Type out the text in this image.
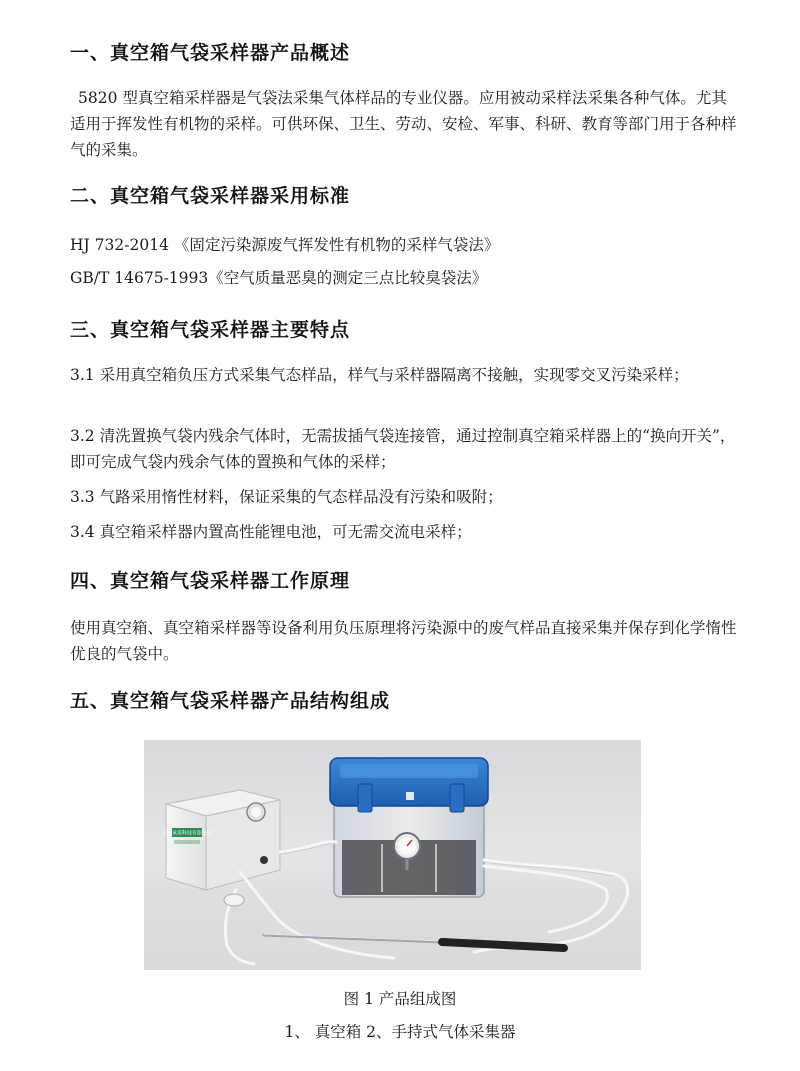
一、真空箱气袋采样器产品概述
5820 型真空箱采样器是气袋法采集气体样品的专业仪器。应用被动采样法采集各种气体。尤其适用于挥发性有机物的采样。可供环保、卫生、劳动、安检、军事、科研、教育等部门用于各种样气的采集。
二、真空箱气袋采样器采用标准
HJ 732-2014 《固定污染源废气挥发性有机物的采样气袋法》
GB/T 14675-1993《空气质量恶臭的测定三点比较臭袋法》
三、真空箱气袋采样器主要特点
3.1 采用真空箱负压方式采集气态样品，样气与采样器隔离不接触，实现零交叉污染采样；
3.2 清洗置换气袋内残余气体时，无需拔插气袋连接管，通过控制真空箱采样器上的“换向开关”，即可完成气袋内残余气体的置换和气体的采样；
3.3 气路采用惰性材料，保证采集的气态样品没有污染和吸附；
3.4 真空箱采样器内置高性能锂电池，可无需交流电采样；
四、真空箱气袋采样器工作原理
使用真空箱、真空箱采样器等设备利用负压原理将污染源中的废气样品直接采集并保存到化学惰性优良的气袋中。
五、真空箱气袋采样器产品结构组成
无锡承苑科技有限公司
图 1 产品组成图
1、 真空箱 2、手持式气体采集器
